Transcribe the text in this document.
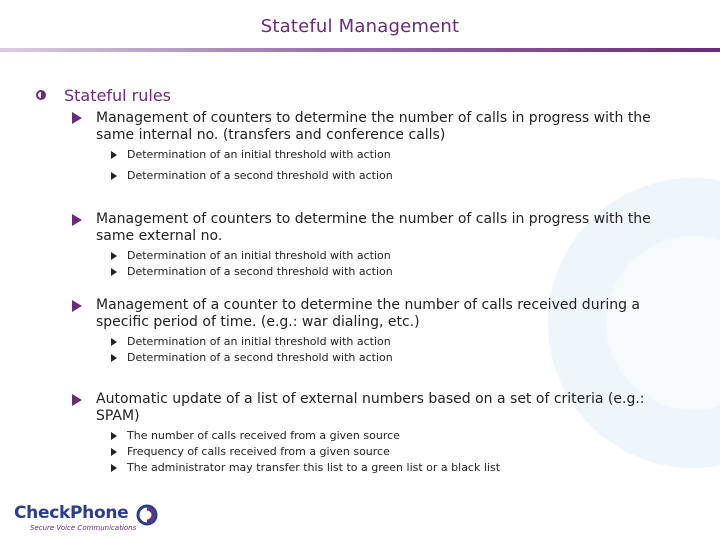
Stateful Management
Stateful rules
Management of counters to determine the number of calls in progress with the
same internal no. (transfers and conference calls)
Determination of an initial threshold with action
Determination of a second threshold with action
Management of counters to determine the number of calls in progress with the
same external no.
Determination of an initial threshold with action
Determination of a second threshold with action
Management of a counter to determine the number of calls received during a
specific period of time. (e.g.: war dialing, etc.)
Determination of an initial threshold with action
Determination of a second threshold with action
Automatic update of a list of external numbers based on a set of criteria (e.g.:
SPAM)
The number of calls received from a given source
Frequency of calls received from a given source
The administrator may transfer this list to a green list or a black list
CheckPhone
Secure Voice Communications
